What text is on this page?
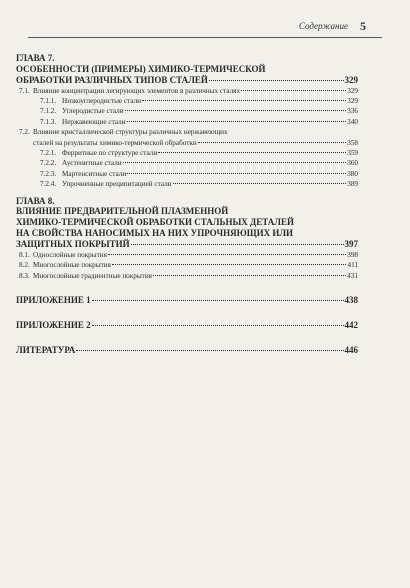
Содержание 5
ГЛАВА 7.
ОСОБЕННОСТИ (ПРИМЕРЫ) ХИМИКО-ТЕРМИЧЕСКОЙ
ОБРАБОТКИ РАЗЛИЧНЫХ ТИПОВ СТАЛЕЙ	329
7.1. Влияние концентрации легирующих элементов в различных сталях	329
7.1.1. Низкоуглеродистые стали	329
7.1.2. Углеродистые стали	336
7.1.3. Нержавеющие стали	340
7.2. Влияние кристаллической структуры различных нержавеющих
сталей на результаты химико-термической обработки	358
7.2.1. Ферритные по структуре стали	359
7.2.2. Аустенитные стали	360
7.2.3. Мартенситные стали	380
7.2.4. Упрочненные преципитацией стали	389
ГЛАВА 8.
ВЛИЯНИЕ ПРЕДВАРИТЕЛЬНОЙ ПЛАЗМЕННОЙ
ХИМИКО-ТЕРМИЧЕСКОЙ ОБРАБОТКИ СТАЛЬНЫХ ДЕТАЛЕЙ
НА СВОЙСТВА НАНОСИМЫХ НА НИХ УПРОЧНЯЮЩИХ ИЛИ
ЗАЩИТНЫХ ПОКРЫТИЙ	397
8.1. Однослойные покрытия	398
8.2. Многослойные покрытия	411
8.3. Многослойные градиентные покрытия	431
ПРИЛОЖЕНИЕ 1	438
ПРИЛОЖЕНИЕ 2	442
ЛИТЕРАТУРА	446
